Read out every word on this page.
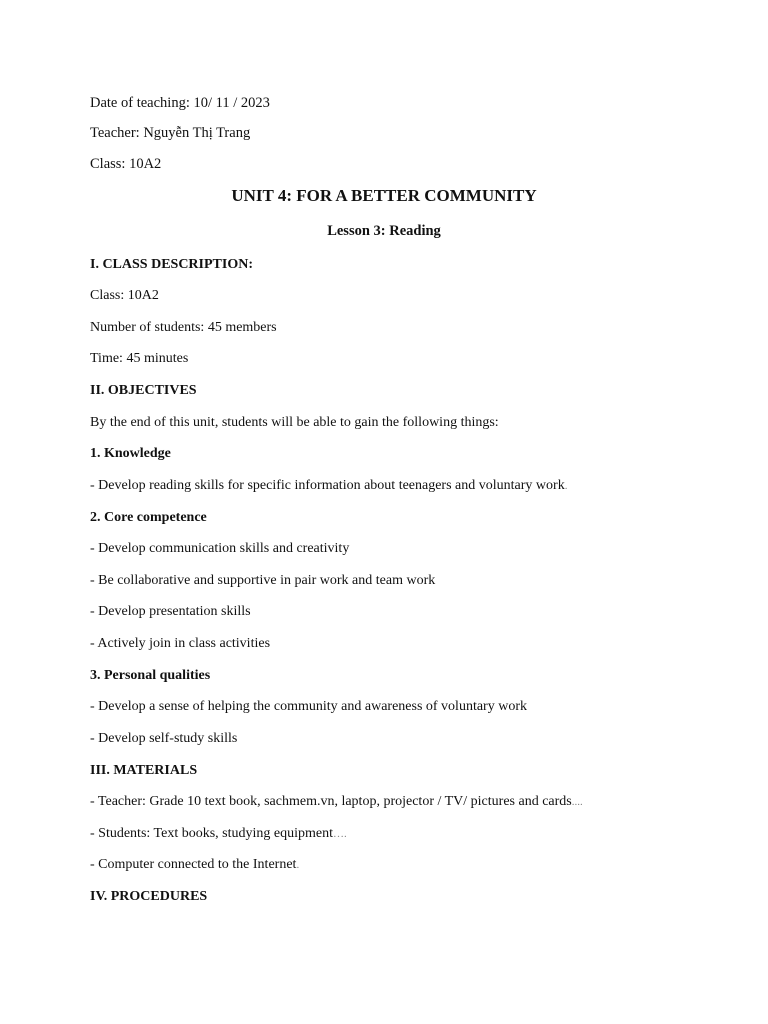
Date of teaching: 10/ 11 / 2023
Teacher: Nguyễn Thị Trang
Class: 10A2
UNIT 4: FOR A BETTER COMMUNITY
Lesson 3: Reading
I. CLASS DESCRIPTION:
Class: 10A2
Number of students: 45 members
Time: 45 minutes
II. OBJECTIVES
By the end of this unit, students will be able to gain the following things:
1. Knowledge
- Develop reading skills for specific information about teenagers and voluntary work.
2. Core competence
- Develop communication skills and creativity
- Be collaborative and supportive in pair work and team work
- Develop presentation skills
- Actively join in class activities
3. Personal qualities
- Develop a sense of helping the community and awareness of voluntary work
- Develop self-study skills
III. MATERIALS
- Teacher: Grade 10 text book, sachmem.vn, laptop, projector / TV/ pictures and cards....
- Students: Text books, studying equipment….
- Computer connected to the Internet.
IV. PROCEDURES
